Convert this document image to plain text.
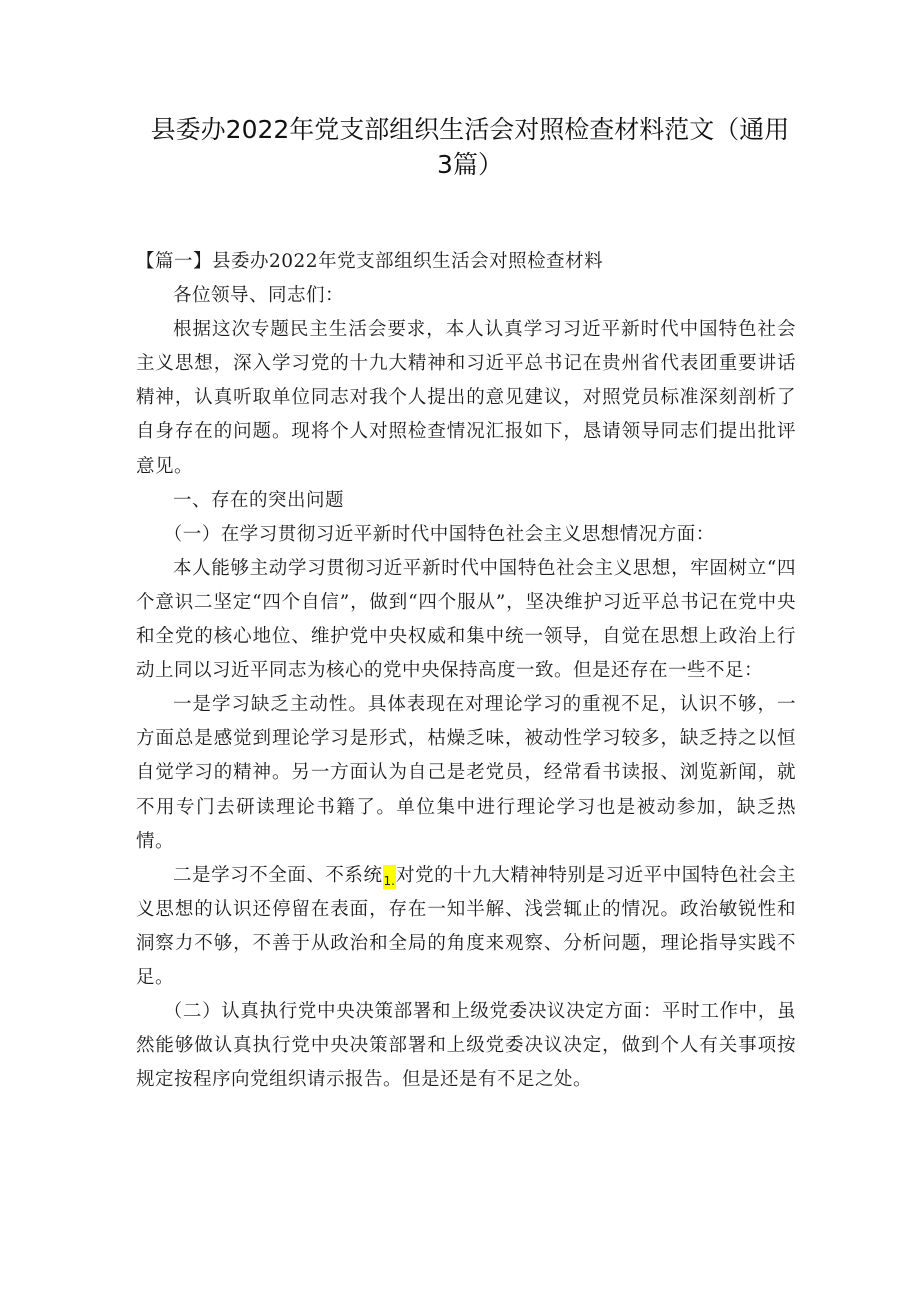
县委办2022年党支部组织生活会对照检查材料范文（通用3篇）

【篇一】县委办2022年党支部组织生活会对照检查材料

各位领导、同志们：

根据这次专题民主生活会要求，本人认真学习习近平新时代中国特色社会主义思想，深入学习党的十九大精神和习近平总书记在贵州省代表团重要讲话精神，认真听取单位同志对我个人提出的意见建议，对照党员标准深刻剖析了自身存在的问题。现将个人对照检查情况汇报如下，恳请领导同志们提出批评意见。

一、存在的突出问题

（一）在学习贯彻习近平新时代中国特色社会主义思想情况方面：

本人能够主动学习贯彻习近平新时代中国特色社会主义思想，牢固树立“四个意识二坚定“四个自信”，做到“四个服从”，坚决维护习近平总书记在党中央和全党的核心地位、维护党中央权威和集中统一领导，自觉在思想上政治上行动上同以习近平同志为核心的党中央保持高度一致。但是还存在一些不足：

一是学习缺乏主动性。具体表现在对理论学习的重视不足，认识不够，一方面总是感觉到理论学习是形式，枯燥乏味，被动性学习较多，缺乏持之以恒自觉学习的精神。另一方面认为自己是老党员，经常看书读报、浏览新闻，就不用专门去研读理论书籍了。单位集中进行理论学习也是被动参加，缺乏热情。

二是学习不全面、不系统1.对党的十九大精神特别是习近平中国特色社会主义思想的认识还停留在表面，存在一知半解、浅尝辄止的情况。政治敏锐性和洞察力不够，不善于从政治和全局的角度来观察、分析问题，理论指导实践不足。

（二）认真执行党中央决策部署和上级党委决议决定方面：平时工作中，虽然能够做认真执行党中央决策部署和上级党委决议决定，做到个人有关事项按规定按程序向党组织请示报告。但是还是有不足之处。
